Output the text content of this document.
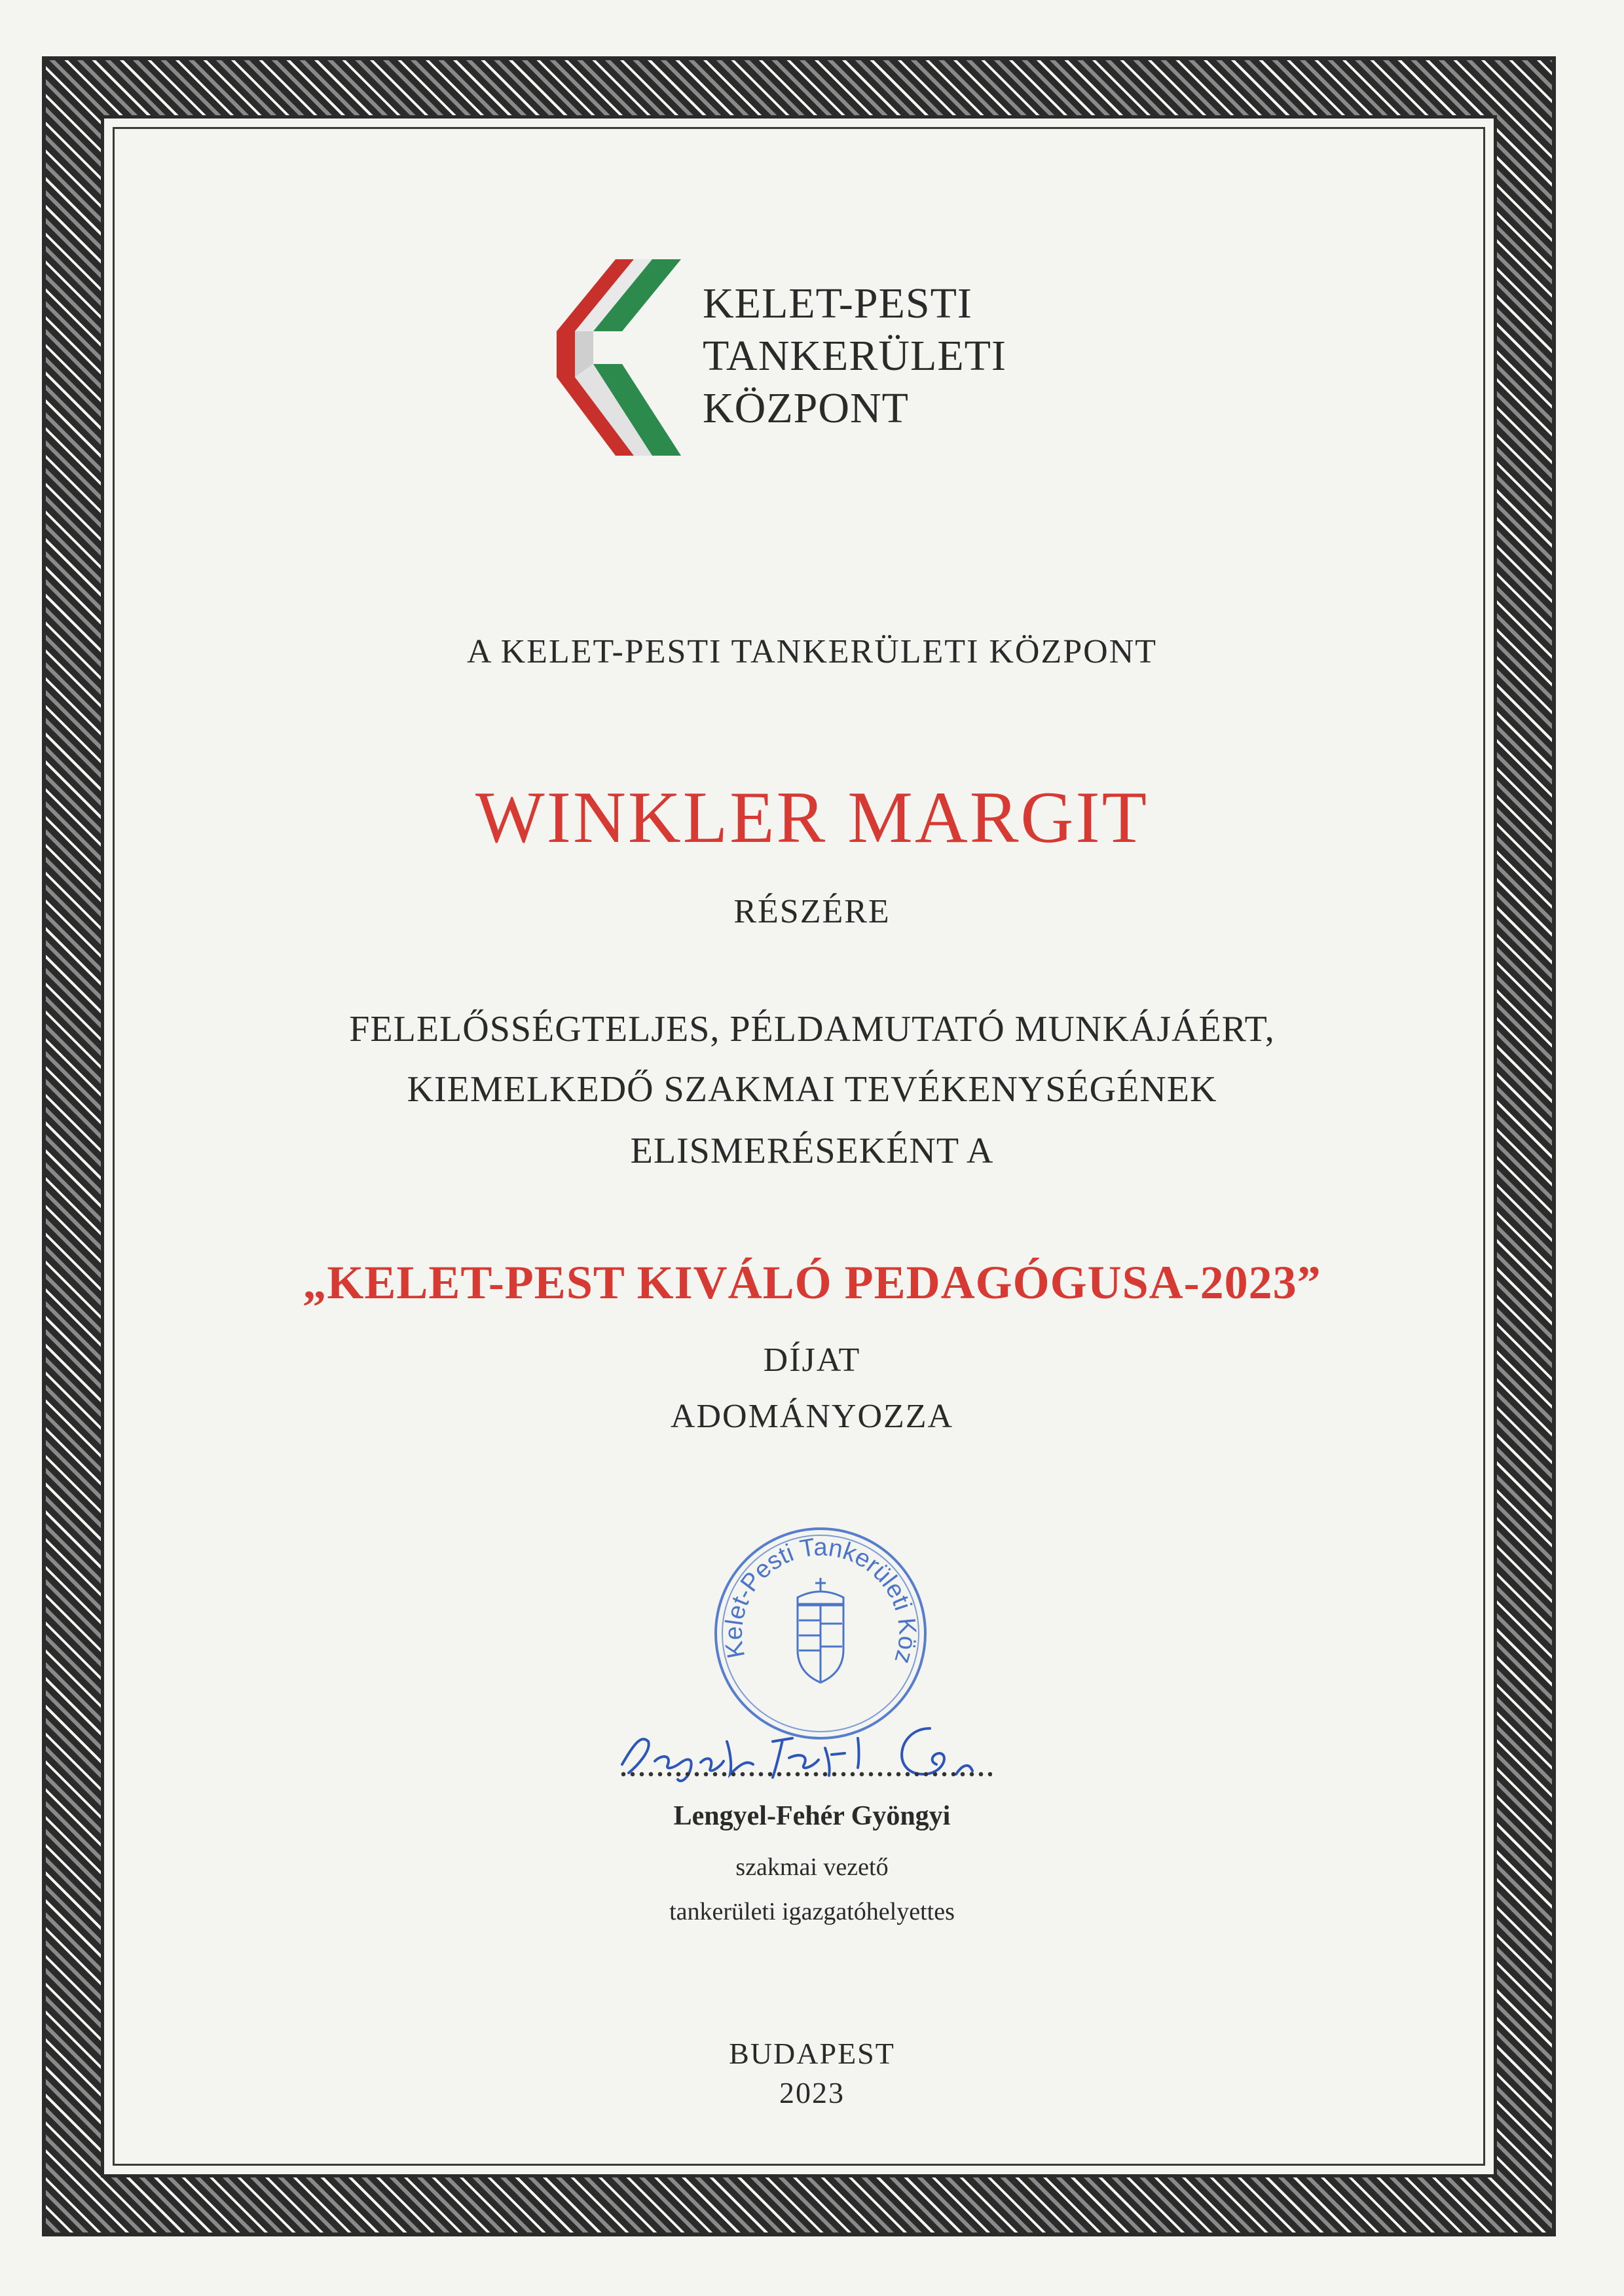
KELET-PESTI
TANKERÜLETI
KÖZPONT
A KELET-PESTI TANKERÜLETI KÖZPONT
WINKLER MARGIT
RÉSZÉRE
FELELŐSSÉGTELJES, PÉLDAMUTATÓ MUNKÁJÁÉRT,
KIEMELKEDŐ SZAKMAI TEVÉKENYSÉGÉNEK
ELISMERÉSEKÉNT A
„KELET-PEST KIVÁLÓ PEDAGÓGUSA-2023”
DÍJAT
ADOMÁNYOZZA
Kelet-Pesti Tankerületi Köz
Lengyel-Fehér Gyöngyi
szakmai vezető
tankerületi igazgatóhelyettes
BUDAPEST
2023
